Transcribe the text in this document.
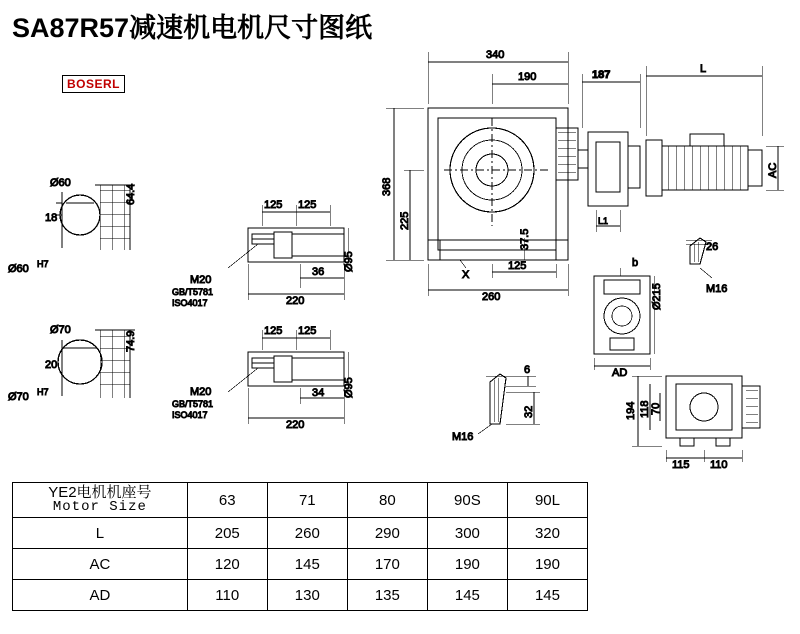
SA87R57减速机电机尺寸图纸
BOSERL
Ø60
18
64.4
Ø60 H7
Ø70
20
74.9
Ø70 H7
125 125
36
220
Ø95
M20
GB/T5781
ISO4017
125 125
34
220
Ø95
M20
GB/T5781
ISO4017
340
190
368
225
125
260
X
37.5
187	L
AC
L1
26
M16
b
Ø215
AD
6
32
M16
194 118 70
115 110
YE2电机机座号
Motor Size	63	71	80	90S	90L
L	205	260	290	300	320
AC	120	145	170	190	190
AD	110	130	135	145	145
